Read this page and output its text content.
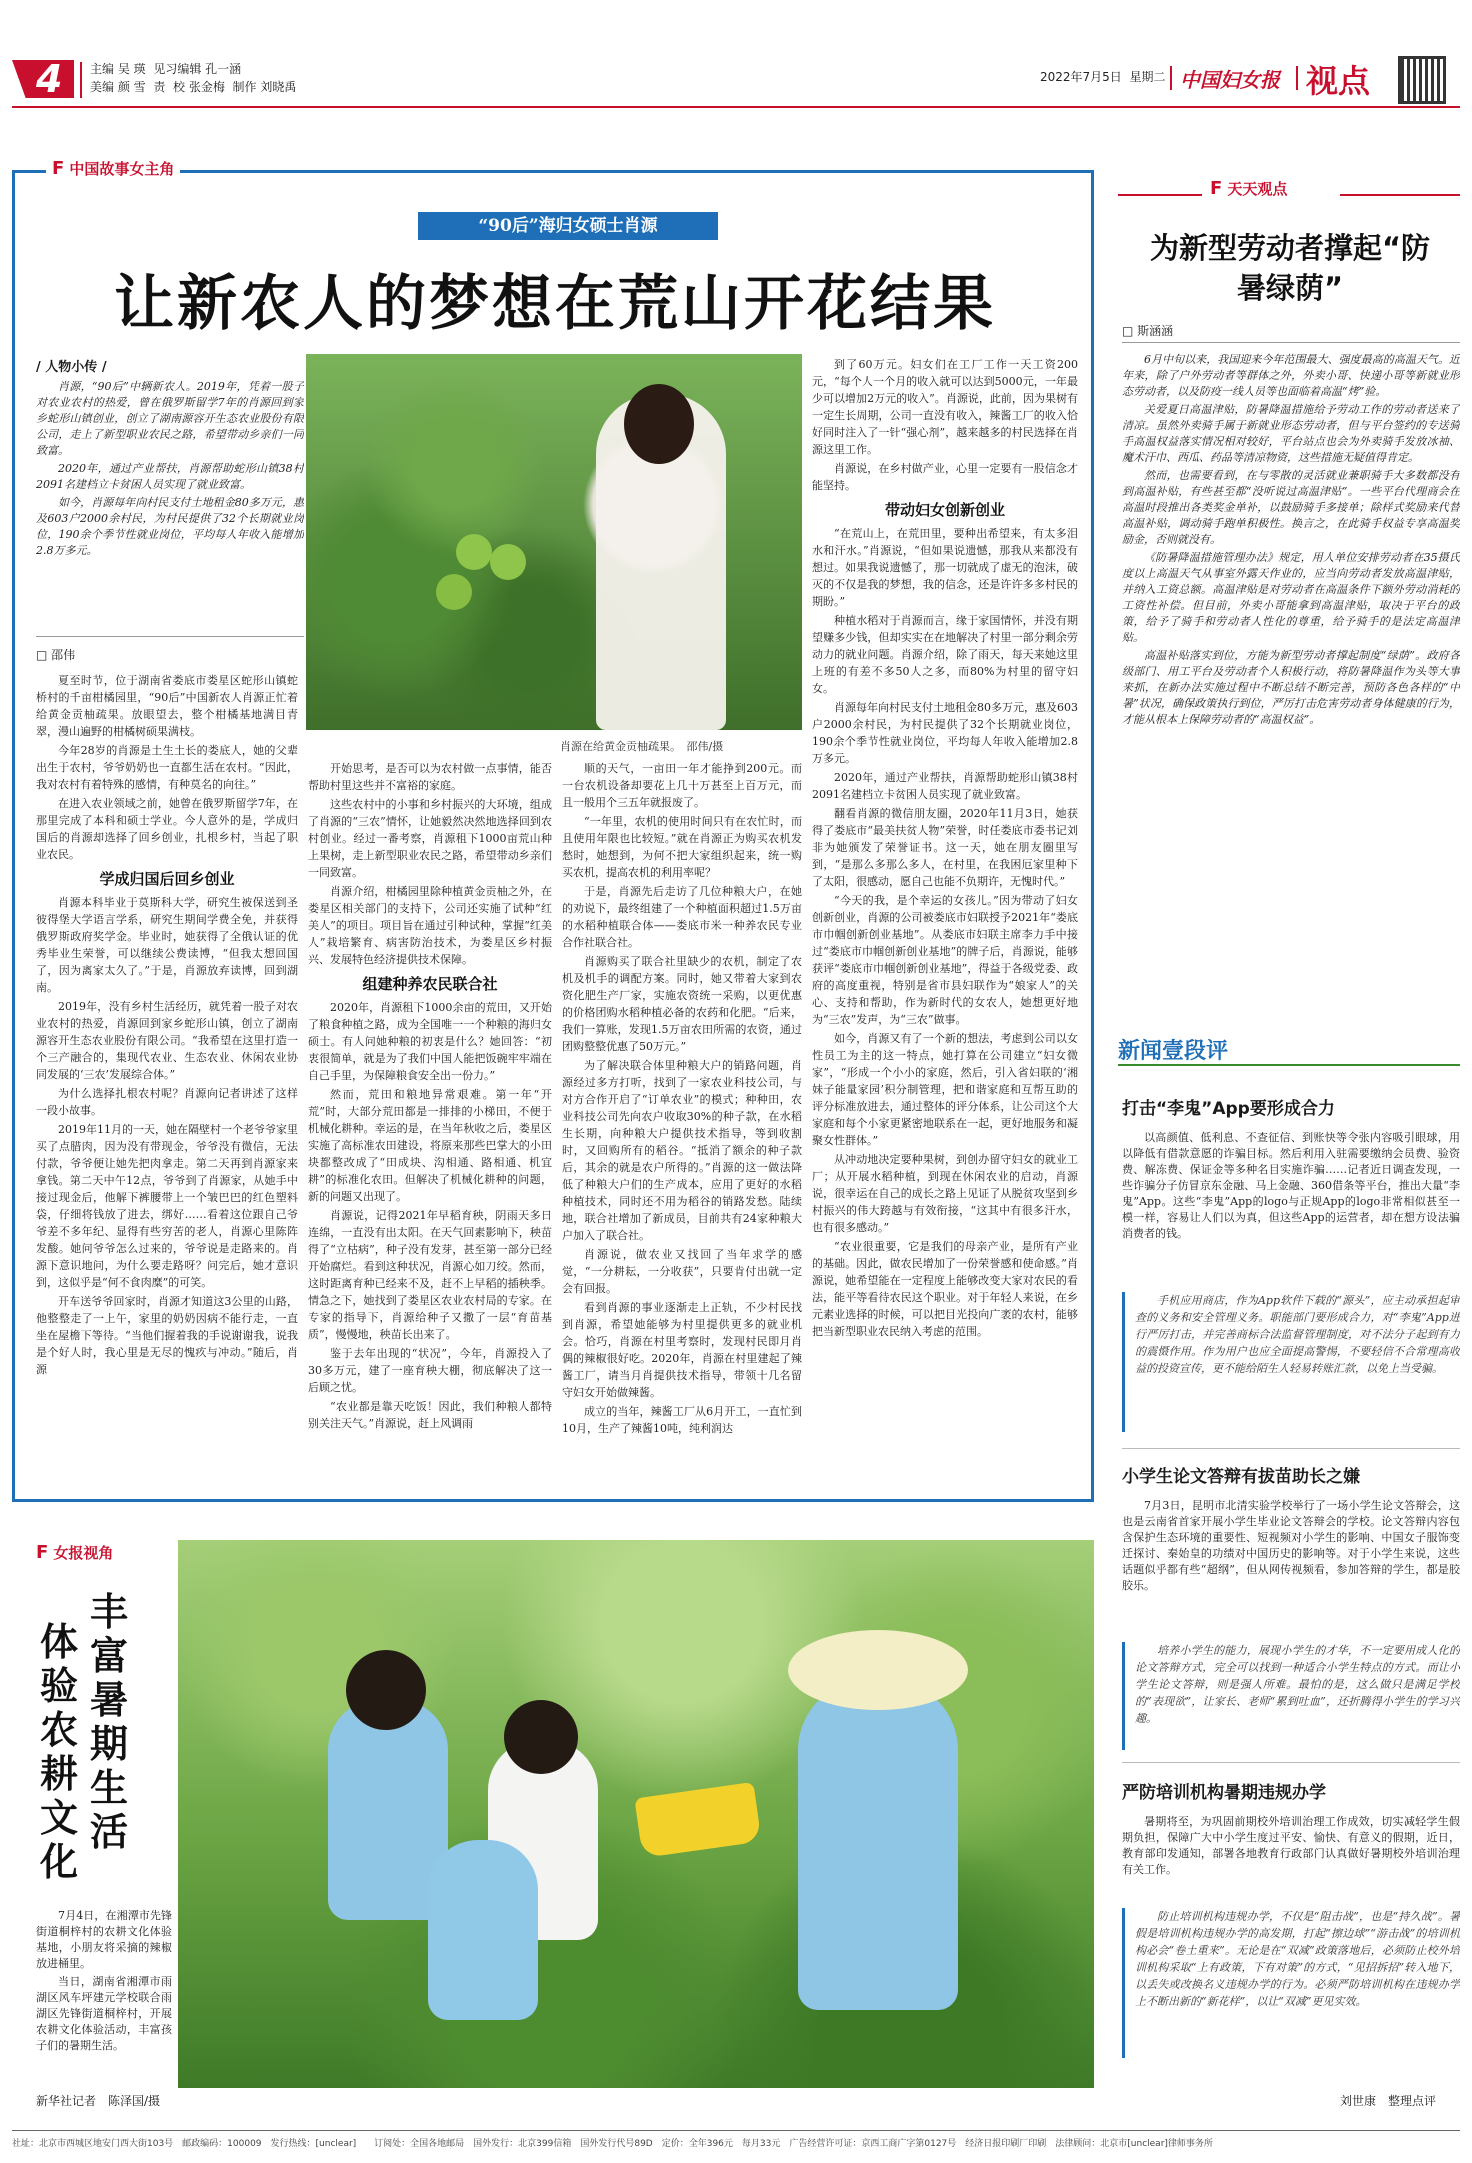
4 主编 吴 瑛 见习编辑 孔一涵
美编 颜 雪 责 校 张金梅 制作 刘晓禹
2022年7月5日 星期二 中国妇女报 视点
F 中国故事女主角
“90后”海归女硕士肖源
让新农人的梦想在荒山开花结果
/ 人物小传 /

肖源，“90后”中辆新农人。2019年，凭着一股子对农业农村的热爱，曾在俄罗斯留学7年的肖源回到家乡蛇形山镇创业，创立了湖南源容开生态农业股份有限公司，走上了新型职业农民之路，希望带动乡亲们一同致富。

2020年，通过产业帮扶，肖源帮助蛇形山镇38村2091名建档立卡贫困人员实现了就业致富。

如今，肖源每年向村民支付土地租金80多万元，惠及603户2000余村民，为村民提供了32个长期就业岗位，190余个季节性就业岗位，平均每人年收入能增加2.8万多元。

□ 邵伟
肖源在给黄金贡柚疏果。　邵伟/摄

夏至时节，位于湖南省娄底市娄星区蛇形山镇蛇桥村的千亩柑橘园里，“90后”中国新农人肖源正忙着给黄金贡柚疏果。放眼望去，整个柑橘基地满目青翠，漫山遍野的柑橘树硕果满枝。

今年28岁的肖源是土生土长的娄底人，她的父辈出生于农村，爷爷奶奶也一直都生活在农村。“因此，我对农村有着特殊的感情，有种莫名的向往。”

在进入农业领域之前，她曾在俄罗斯留学7年，在那里完成了本科和硕士学业。今人意外的是，学成归国后的肖源却选择了回乡创业，扎根乡村，当起了职业农民。

学成归国后回乡创业

肖源本科毕业于莫斯科大学，研究生被保送到圣彼得堡大学语言学系，研究生期间学费全免，并获得俄罗斯政府奖学金。毕业时，她获得了全俄认证的优秀毕业生荣誉，可以继续公费读博，“但我太想回国了，因为离家太久了。”于是，肖源放弃读博，回到湖南。

2019年，没有乡村生活经历，就凭着一股子对农业农村的热爱，肖源回到家乡蛇形山镇，创立了湖南源容开生态农业股份有限公司。“我希望在这里打造一个三产融合的，集现代农业、生态农业、休闲农业协同发展的‘三农’发展综合体。”

为什么选择扎根农村呢？肖源向记者讲述了这样一段小故事。

2019年11月的一天，她在隔壁村一个老爷爷家里买了点腊肉，因为没有带现金，爷爷没有微信，无法付款，爷爷便让她先把肉拿走。第二天再到肖源家来拿钱。第二天中午12点，爷爷到了肖源家，从她手中接过现金后，他解下裤腰带上一个皱巴巴的红色塑料袋，仔细将钱放了进去，绑好……看着这位跟自己爷爷差不多年纪、显得有些穷苦的老人，肖源心里陈阵发酸。她问爷爷怎么过来的，爷爷说是走路来的。肖源下意识地问，为什么要走路呀？问完后，她才意识到，这似乎是“何不食肉糜”的可笑。

开车送爷爷回家时，肖源才知道这3公里的山路，他整整走了一上午，家里的奶奶因病不能行走，一直坐在屋檐下等待。“当他们握着我的手说谢谢我，说我是个好人时，我心里是无尽的愧疚与冲动。”随后，肖源

开始思考，是否可以为农村做一点事情，能否帮助村里这些并不富裕的家庭。

这些农村中的小事和乡村振兴的大环境，组成了肖源的“三农”情怀，让她毅然决然地选择回到农村创业。经过一番考察，肖源租下1000亩荒山种上果树，走上新型职业农民之路，希望带动乡亲们一同致富。

肖源介绍，柑橘园里除种植黄金贡柚之外，在娄星区相关部门的支持下，公司还实施了试种“红美人”的项目。项目旨在通过引种试种，掌握“红美人”栽培繁育、病害防治技术，为娄星区乡村振兴、发展特色经济提供技术保障。

组建种养农民联合社

2020年，肖源租下1000余亩的荒田，又开始了粮食种植之路，成为全国唯一一个种粮的海归女硕士。有人问她种粮的初衷是什么？她回答：“初衷很简单，就是为了我们中国人能把饭碗牢牢端在自己手里，为保障粮食安全出一份力。”

然而，荒田和粮地异常艰难。第一年“开荒”时，大部分荒田都是一排排的小梯田，不便于机械化耕种。幸运的是，在当年秋收之后，娄星区实施了高标准农田建设，将原来那些巴掌大的小田块都整改成了“田成块、沟相通、路相通、机宜耕”的标准化农田。但解决了机械化耕种的问题，新的问题又出现了。

肖源说，记得2021年早稻育秧，阴雨天多日连绵，一直没有出太阳。在天气回素影响下，秧苗得了“立枯病”，种子没有发芽，甚至第一部分已经开始腐烂。看到这种状况，肖源心如刀绞。然而，这时距离育种已经来不及，赶不上早稻的插秧季。情急之下，她找到了娄星区农业农村局的专家。在专家的指导下，肖源给种子又撒了一层“育苗基质”，慢慢地，秧苗长出来了。

鉴于去年出现的“状况”，今年，肖源投入了30多万元，建了一座育秧大棚，彻底解决了这一后顾之忧。

“农业都是靠天吃饭！因此，我们种粮人都特别关注天气。”肖源说，赶上风调雨

顺的天气，一亩田一年才能挣到200元。而一台农机设备却要花上几十万甚至上百万元，而且一般用个三五年就报废了。

“一年里，农机的使用时间只有在农忙时，而且使用年限也比较短。”就在肖源正为购买农机发愁时，她想到，为何不把大家组织起来，统一购买农机，提高农机的利用率呢？

于是，肖源先后走访了几位种粮大户，在她的劝说下，最终组建了一个种植面积超过1.5万亩的水稻种植联合体——娄底市米一种养农民专业合作社联合社。

肖源购买了联合社里缺少的农机，制定了农机及机手的调配方案。同时，她又带着大家到农资化肥生产厂家，实施农资统一采购，以更优惠的价格团购水稻种植必备的农药和化肥。“后来，我们一算账，发现1.5万亩农田所需的农资，通过团购整整优惠了50万元。”

为了解决联合体里种粮大户的销路问题，肖源经过多方打听，找到了一家农业科技公司，与对方合作开启了“订单农业”的模式；种种田，农业科技公司先向农户收取30%的种子款，在水稻生长期，向种粮大户提供技术指导，等到收割时，又回购所有的稻谷。“抵消了额余的种子款后，其余的就是农户所得的。”肖源的这一做法降低了种粮大户们的生产成本，应用了更好的水稻种植技术，同时还不用为稻谷的销路发愁。陆续地，联合社增加了新成员，目前共有24家种粮大户加入了联合社。

肖源说，做农业又找回了当年求学的感觉，“一分耕耘，一分收获”，只要肯付出就一定会有回报。

看到肖源的事业逐渐走上正轨，不少村民找到肖源，希望她能够为村里提供更多的就业机会。恰巧，肖源在村里考察时，发现村民即月肖偶的辣椒很好吃。2020年，肖源在村里建起了辣酱工厂，请当月肖提供技术指导，带领十几名留守妇女开始做辣酱。

成立的当年，辣酱工厂从6月开工，一直忙到10月，生产了辣酱10吨，纯利润达

到了60万元。妇女们在工厂工作一天工资200元，“每个人一个月的收入就可以达到5000元，一年最少可以增加2万元的收入”。肖源说，此前，因为果树有一定生长周期，公司一直没有收入，辣酱工厂的收入恰好同时注入了一针“强心剂”，越来越多的村民选择在肖源这里工作。

肖源说，在乡村做产业，心里一定要有一股信念才能坚持。

带动妇女创新创业

“在荒山上，在荒田里，要种出希望来，有太多泪水和汗水。”肖源说，“但如果说遗憾，那我从来都没有想过。如果我说遗憾了，那一切就成了虚无的泡沫，破灭的不仅是我的梦想，我的信念，还是许许多多村民的期盼。”

种植水稻对于肖源而言，缘于家国情怀，并没有期望赚多少钱，但却实实在在地解决了村里一部分剩余劳动力的就业问题。肖源介绍，除了雨天，每天来她这里上班的有差不多50人之多，而80%为村里的留守妇女。

肖源每年向村民支付土地租金80多万元，惠及603户2000余村民，为村民提供了32个长期就业岗位，190余个季节性就业岗位，平均每人年收入能增加2.8万多元。

2020年，通过产业帮扶，肖源帮助蛇形山镇38村2091名建档立卡贫困人员实现了就业致富。

翻看肖源的微信朋友圈，2020年11月3日，她获得了娄底市“最美扶贫人物”荣誉，时任娄底市委书记刘非为她颁发了荣誉证书。这一天，她在朋友圈里写到，“是那么多那么多人，在村里，在我困厄家里种下了太阳，很感动，愿自己也能不负期许，无愧时代。”

“今天的我，是个幸运的女孩儿。”因为带动了妇女创新创业，肖源的公司被娄底市妇联授予2021年“娄底市巾帼创新创业基地”。从娄底市妇联主席李力手中接过“娄底市巾帼创新创业基地”的牌子后，肖源说，能够获评“娄底市巾帼创新创业基地”，得益于各级党委、政府的高度重视，特别是省市县妇联作为“娘家人”的关心、支持和帮助，作为新时代的女农人，她想更好地为“三农”发声，为“三农”做事。

如今，肖源又有了一个新的想法，考虑到公司以女性员工为主的这一特点，她打算在公司建立“妇女微家”，“形成一个小小的家庭，然后，引入省妇联的‘湘妹子能量家园’积分制管理，把和谐家庭和互帮互助的评分标准放进去，通过整体的评分体系，让公司这个大家庭和每个小家更紧密地联系在一起，更好地服务和凝聚女性群体。”

从冲动地决定要种果树，到创办留守妇女的就业工厂；从开展水稻种植，到现在休闲农业的启动，肖源说，很幸运在自己的成长之路上见证了从脱贫攻坚到乡村振兴的伟大跨越与有效衔接，“这其中有很多汗水，也有很多感动。”

“农业很重要，它是我们的母亲产业，是所有产业的基础。因此，做农民增加了一份荣誉感和使命感。”肖源说，她希望能在一定程度上能够改变大家对农民的看法，能平等看待农民这个职业。对于年轻人来说，在乡元素业选择的时候，可以把目光投向广袤的农村，能够把当新型职业农民纳入考虑的范围。

F 天天观点
为新型劳动者撑起“防暑绿荫”
□ 斯涵涵

6月中旬以来，我国迎来今年范围最大、强度最高的高温天气。近年来，除了户外劳动者等群体之外，外卖小哥、快递小哥等新就业形态劳动者，以及防疫一线人员等也面临着高温“烤”验。

关爱夏日高温津贴，防暑降温措施给予劳动工作的劳动者送来了清凉。虽然外卖骑手属于新就业形态劳动者，但与平台签约的专送骑手高温权益落实情况相对较好，平台站点也会为外卖骑手发放冰袖、魔术汗巾、西瓜、药品等清凉物资，这些措施无疑值得肯定。

然而，也需要看到，在与零散的灵活就业兼职骑手大多数都没有到高温补贴，有些甚至都“没听说过高温津贴”。一些平台代理商会在高温时段推出各类奖金单补，以鼓励骑手多接单；除样式奖励来代替高温补贴，调动骑手跑单积极性。换言之，在此骑手权益专享高温奖励金，否则就没有。

《防暑降温措施管理办法》规定，用人单位安排劳动者在35摄氏度以上高温天气从事室外露天作业的，应当向劳动者发放高温津贴，并纳入工资总额。高温津贴是对劳动者在高温条件下额外劳动消耗的工资性补偿。但目前，外卖小哥能拿到高温津贴，取决于平台的政策，给予了骑手和劳动者人性化的尊重，给予骑手的是法定高温津贴。

高温补贴落实到位，方能为新型劳动者撑起制度“绿荫”。政府各级部门、用工平台及劳动者个人积极行动，将防暑降温作为头等大事来抓，在新办法实施过程中不断总结不断完善，预防各色各样的“中暑”状况，确保政策执行到位，严厉打击危害劳动者身体健康的行为，才能从根本上保障劳动者的“高温权益”。

新闻壹段评
打击“李鬼”App要形成合力
以高颜值、低利息、不查征信、到账快等令张内容吸引眼球，用以降低有借款意愿的诈骗目标。然后利用入驻需要缴纳会员费、验资费、解冻费、保证金等多种名目实施诈骗……记者近日调查发现，一些诈骗分子仿冒京东金融、马上金融、360借条等平台，推出大量“李鬼”App。这些“李鬼”App的logo与正规App的logo非常相似甚至一模一样，容易让人们以为真，但这些App的运营者，却在想方设法骗消费者的钱。

手机应用商店，作为App软件下载的“源头”，应主动承担起审查的义务和安全管理义务。职能部门要形成合力，对“李鬼”App进行严厉打击，并完善商标合法监督管理制度，对不法分子起到有力的震慑作用。作为用户也应全面提高警惕，不要轻信不合常理高收益的投资宣传，更不能给陌生人轻易转账汇款，以免上当受骗。

小学生论文答辩有拔苗助长之嫌
7月3日，昆明市北清实验学校举行了一场小学生论文答辩会，这也是云南省首家开展小学生毕业论文答辩会的学校。论文答辩内容包含保护生态环境的重要性、短视频对小学生的影响、中国女子服饰变迁探讨、秦始皇的功绩对中国历史的影响等。对于小学生来说，这些话题似乎都有些“超纲”，但从网传视频看，参加答辩的学生，都是胶胶乐。

培养小学生的能力，展现小学生的才华，不一定要用成人化的论文答辩方式，完全可以找到一种适合小学生特点的方式。而让小学生论文答辩，则是强人所难。最怕的是，这么做只是满足学校的“表现欲”，让家长、老师“累到吐血”，还折腾得小学生的学习兴趣。

严防培训机构暑期违规办学
暑期将至，为巩固前期校外培训治理工作成效，切实减轻学生假期负担，保障广大中小学生度过平安、愉快、有意义的假期，近日，教育部印发通知，部署各地教育行政部门认真做好暑期校外培训治理有关工作。

防止培训机构违规办学，不仅是“阻击战”，也是“持久战”。暑假是培训机构违规办学的高发期，打起“擦边球”“游击战”的培训机构必会“卷土重来”。无论是在“双减”政策落地后，必须防止校外培训机构采取“上有政策，下有对策”的方式，“见招拆招”转入地下，以丢失或改换名义违规办学的行为。必须严防培训机构在违规办学上不断出新的“新花样”，以让“双减”更见实效。

刘世康　整理点评
F 女报视角
丰富暑期生活
体验农耕文化

7月4日，在湘潭市先锋街道桐梓村的农耕文化体验基地，小朋友将采摘的辣椒放进桶里。

当日，湖南省湘潭市雨湖区风车坪建元学校联合雨湖区先锋街道桐梓村，开展农耕文化体验活动，丰富孩子们的暑期生活。

新华社记者　陈泽国/摄
社址：北京市西城区地安门西大街103号　邮政编码：100009　发行热线：[unclear]　　订阅处：全国各地邮局　国外发行：北京399信箱　国外发行代号89D　定价：全年396元　每月33元　广告经营许可证：京西工商广字第0127号　经济日报印刷厂印刷　法律顾问：北京市[unclear]律师事务所
